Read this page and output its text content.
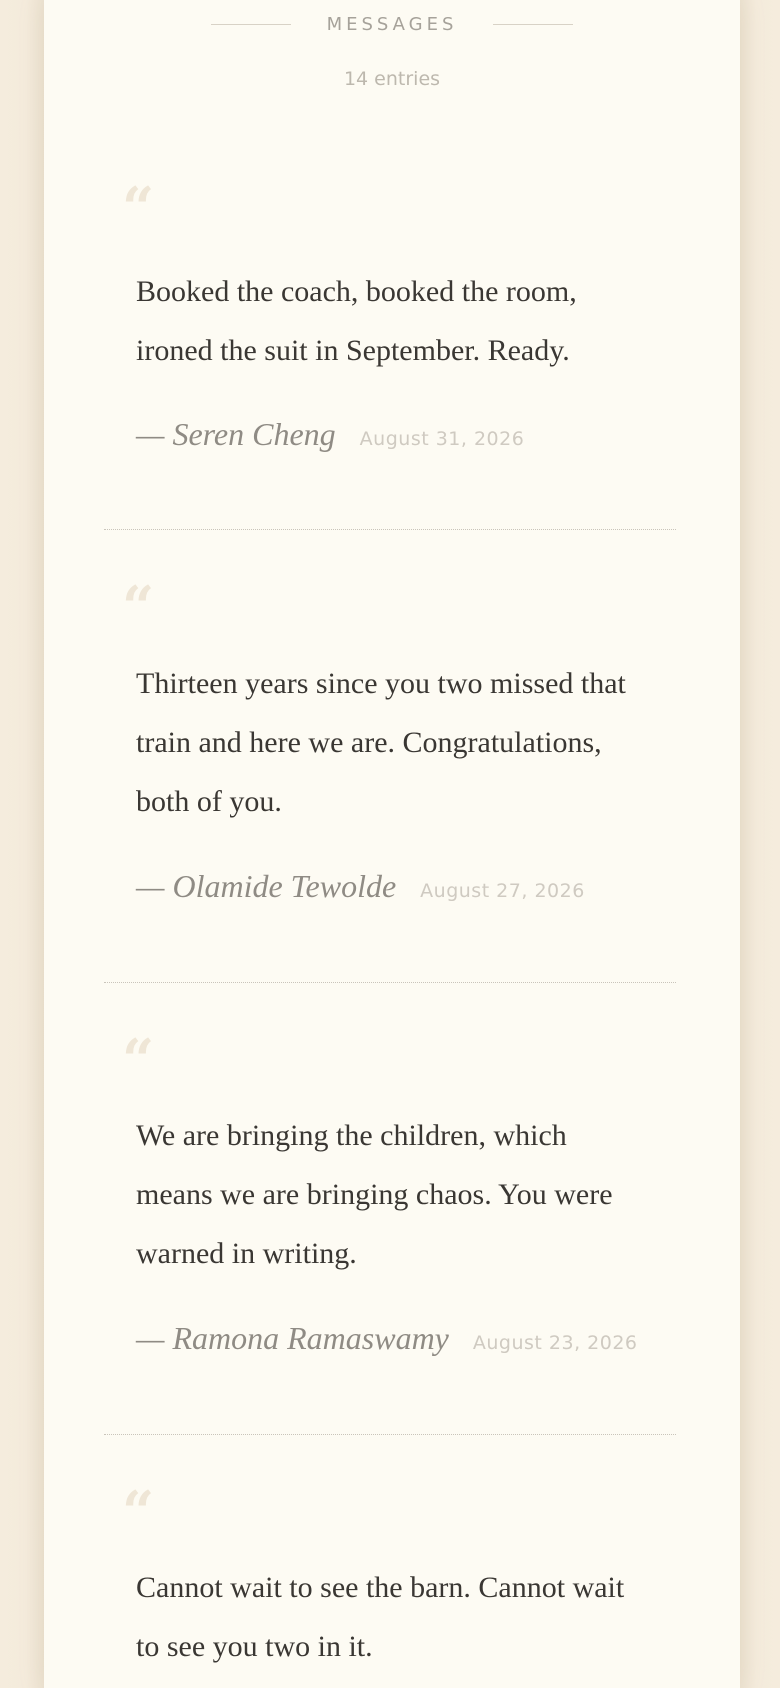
MESSAGES
14 entries
“
Booked the coach, booked the room, ironed the suit in September. Ready.
— Seren Cheng August 31, 2026
“
Thirteen years since you two missed that train and here we are. Congratulations, both of you.
— Olamide Tewolde August 27, 2026
“
We are bringing the children, which means we are bringing chaos. You were warned in writing.
— Ramona Ramaswamy August 23, 2026
“
Cannot wait to see the barn. Cannot wait to see you two in it.
